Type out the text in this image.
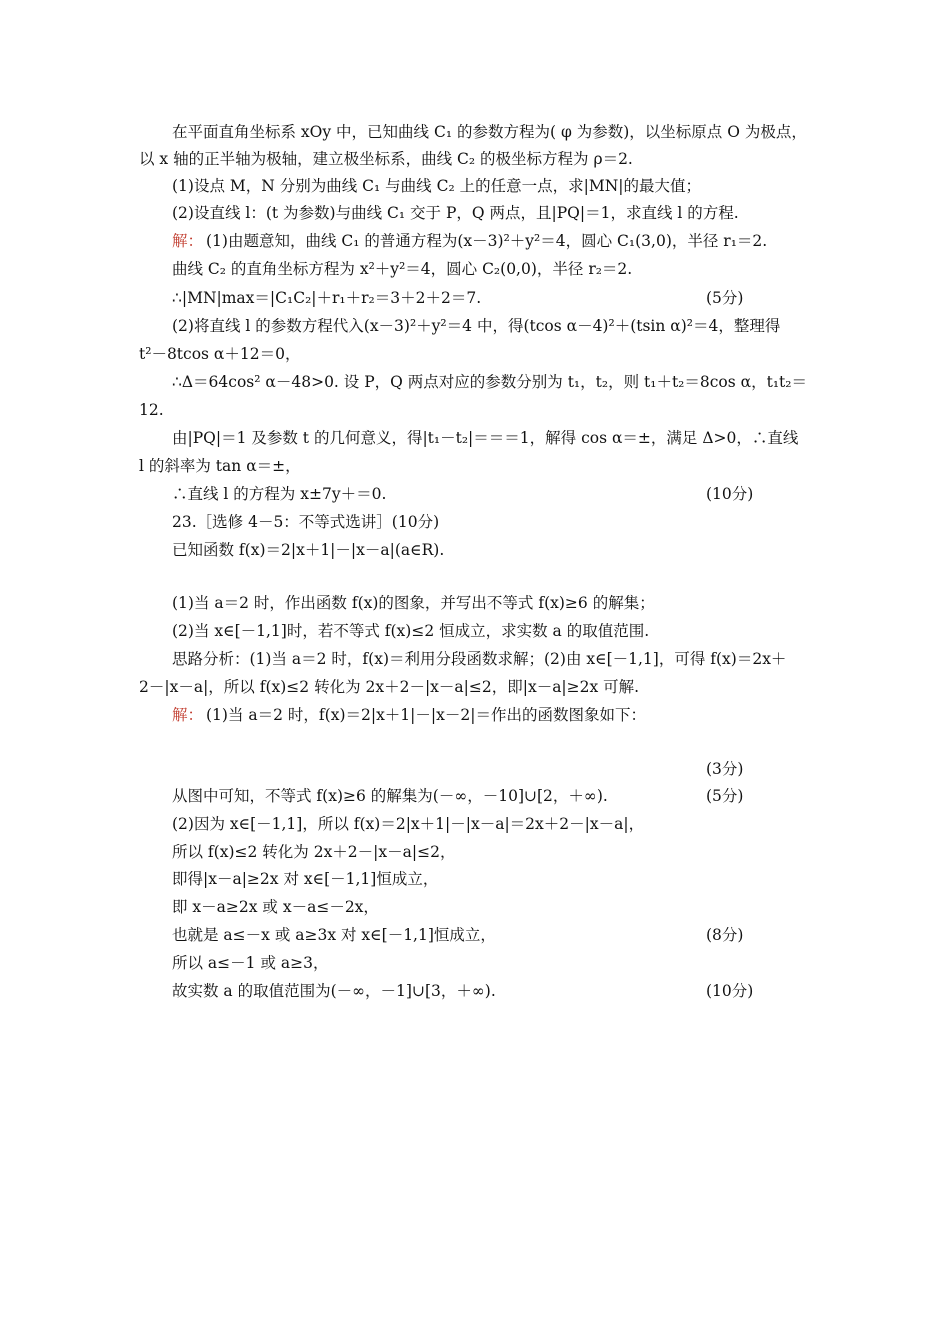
在平面直角坐标系 xOy 中，已知曲线 C₁ 的参数方程为( φ 为参数)，以坐标原点 O 为极点，
以 x 轴的正半轴为极轴，建立极坐标系，曲线 C₂ 的极坐标方程为 ρ＝2.
(1)设点 M，N 分别为曲线 C₁ 与曲线 C₂ 上的任意一点，求|MN|的最大值；
(2)设直线 l：(t 为参数)与曲线 C₁ 交于 P，Q 两点，且|PQ|＝1，求直线 l 的方程.
解： (1)由题意知，曲线 C₁ 的普通方程为(x－3)²＋y²＝4，圆心 C₁(3,0)，半径 r₁＝2.
曲线 C₂ 的直角坐标方程为 x²＋y²＝4，圆心 C₂(0,0)，半径 r₂＝2.
∴|MN|max＝|C₁C₂|＋r₁＋r₂＝3＋2＋2＝7.	(5分)
(2)将直线 l 的参数方程代入(x－3)²＋y²＝4 中，得(tcos α－4)²＋(tsin α)²＝4，整理得
t²－8tcos α＋12＝0，
∴Δ＝64cos² α－48>0. 设 P，Q 两点对应的参数分别为 t₁，t₂，则 t₁＋t₂＝8cos α，t₁t₂＝
12.
由|PQ|＝1 及参数 t 的几何意义，得|t₁－t₂|＝＝＝1，解得 cos α＝±，满足 Δ>0，∴直线
l 的斜率为 tan α＝±，
∴直线 l 的方程为 x±7y＋＝0.	(10分)
23.［选修 4－5：不等式选讲］(10分)
已知函数 f(x)＝2|x＋1|－|x－a|(a∈R).
(1)当 a＝2 时，作出函数 f(x)的图象，并写出不等式 f(x)≥6 的解集；
(2)当 x∈[－1,1]时，若不等式 f(x)≤2 恒成立，求实数 a 的取值范围.
思路分析：(1)当 a＝2 时，f(x)＝利用分段函数求解；(2)由 x∈[－1,1]，可得 f(x)＝2x＋
2－|x－a|，所以 f(x)≤2 转化为 2x＋2－|x－a|≤2，即|x－a|≥2x 可解.
解： (1)当 a＝2 时，f(x)＝2|x＋1|－|x－2|＝作出的函数图象如下：
(3分)
从图中可知，不等式 f(x)≥6 的解集为(－∞，－10]∪[2，＋∞).	(5分)
(2)因为 x∈[－1,1]，所以 f(x)＝2|x＋1|－|x－a|＝2x＋2－|x－a|，
所以 f(x)≤2 转化为 2x＋2－|x－a|≤2，
即得|x－a|≥2x 对 x∈[－1,1]恒成立，
即 x－a≥2x 或 x－a≤－2x，
也就是 a≤－x 或 a≥3x 对 x∈[－1,1]恒成立，	(8分)
所以 a≤－1 或 a≥3，
故实数 a 的取值范围为(－∞，－1]∪[3，＋∞).	(10分)
